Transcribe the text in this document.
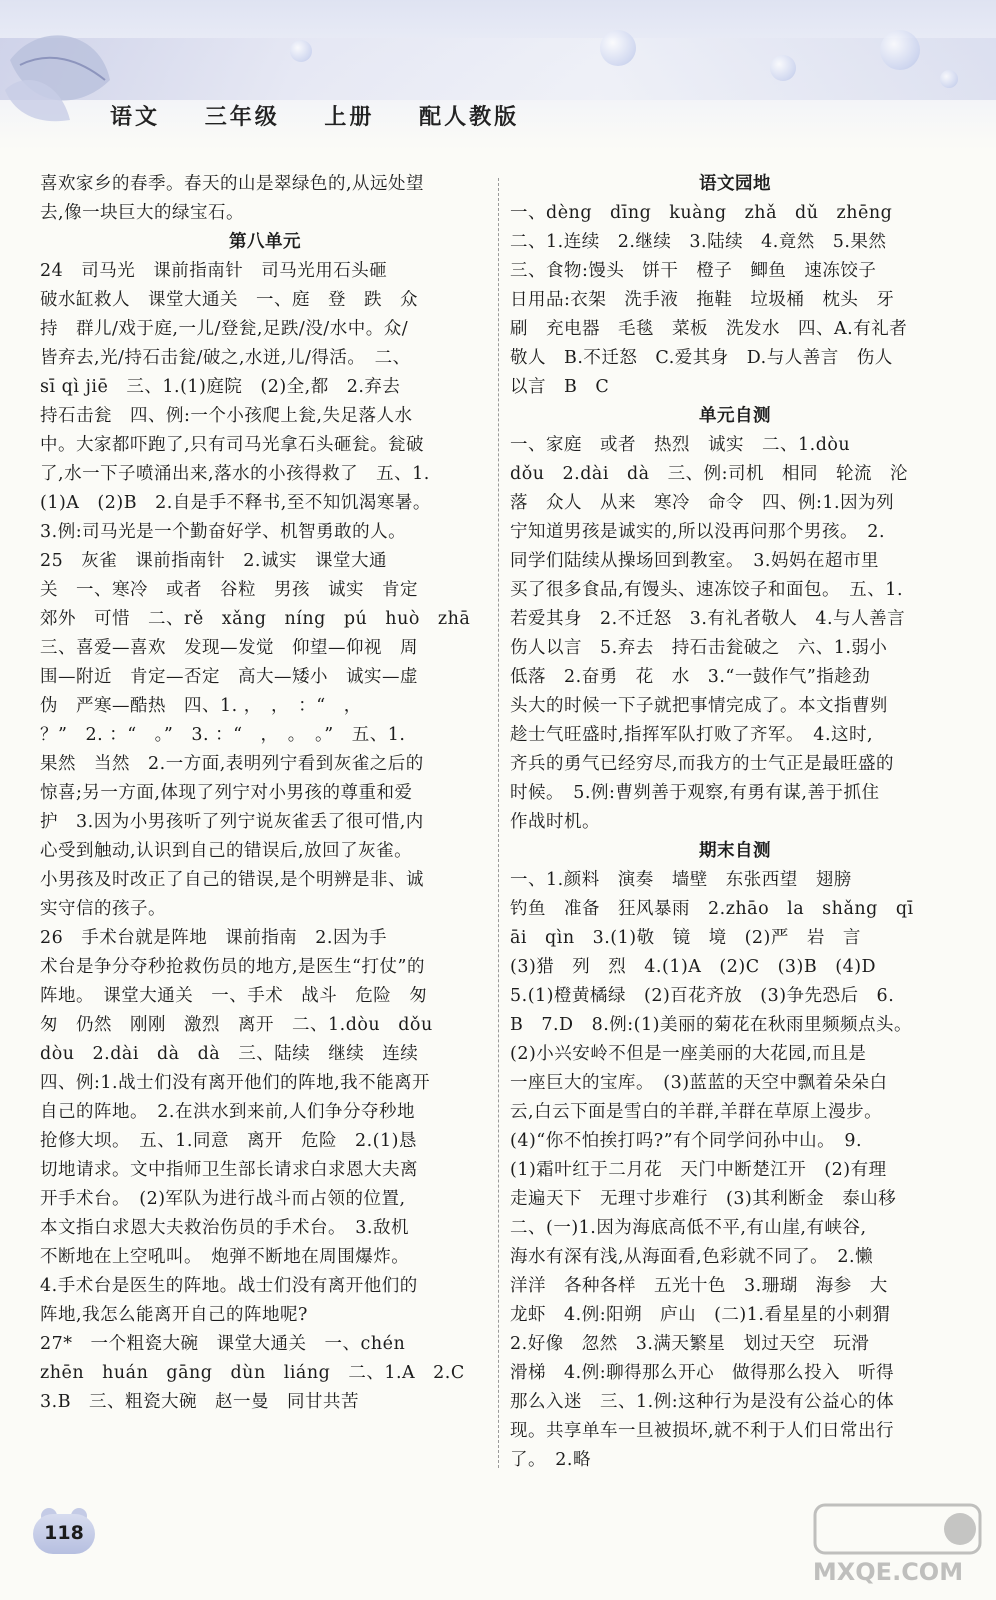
语文 三年级 上册 配人教版
喜欢家乡的春季。春天的山是翠绿色的,从远处望
去,像一块巨大的绿宝石。
第八单元
24　司马光　课前指南针　司马光用石头砸
破水缸救人　课堂大通关　一、庭　登　跌　众
持　群儿/戏于庭,一儿/登瓮,足跌/没/水中。众/
皆弃去,光/持石击瓮/破之,水迸,儿/得活。　二、
sī qì jiē　三、1.(1)庭院　(2)全,都　2.弃去
持石击瓮　四、例:一个小孩爬上瓮,失足落人水
中。大家都吓跑了,只有司马光拿石头砸瓮。瓮破
了,水一下子喷涌出来,落水的小孩得救了　五、1.
(1)A　(2)B　2.自是手不释书,至不知饥渴寒暑。
3.例:司马光是一个勤奋好学、机智勇敢的人。
25　灰雀　课前指南针　2.诚实　课堂大通
关　一、寒冷　或者　谷粒　男孩　诚实　肯定
郊外　可惜　二、rě　xǎng　níng　pú　huò　zhā
三、喜爱—喜欢　发现—发觉　仰望—仰视　周
围—附近　肯定—否定　高大—矮小　诚实—虚
伪　严寒—酷热　四、1. ，　，　：“　，
？”　2. ：“　。”　3. ：“　，　。　。”　五、1.
果然　当然　2.一方面,表明列宁看到灰雀之后的
惊喜;另一方面,体现了列宁对小男孩的尊重和爱
护　3.因为小男孩听了列宁说灰雀丢了很可惜,内
心受到触动,认识到自己的错误后,放回了灰雀。
小男孩及时改正了自己的错误,是个明辨是非、诚
实守信的孩子。
26　手术台就是阵地　课前指南　2.因为手
术台是争分夺秒抢救伤员的地方,是医生“打仗”的
阵地。　课堂大通关　一、手术　战斗　危险　匆
匆　仍然　刚刚　激烈　离开　二、1.dòu　dǒu
dòu　2.dài　dà　dà　三、陆续　继续　连续
四、例:1.战士们没有离开他们的阵地,我不能离开
自己的阵地。　2.在洪水到来前,人们争分夺秒地
抢修大坝。　五、1.同意　离开　危险　2.(1)恳
切地请求。文中指师卫生部长请求白求恩大夫离
开手术台。　(2)军队为进行战斗而占领的位置,
本文指白求恩大夫救治伤员的手术台。　3.敌机
不断地在上空吼叫。　炮弹不断地在周围爆炸。
4.手术台是医生的阵地。战士们没有离开他们的
阵地,我怎么能离开自己的阵地呢?
27*　一个粗瓷大碗　课堂大通关　一、chén
zhēn　huán　gāng　dùn　liáng　二、1.A　2.C
3.B　三、粗瓷大碗　赵一曼　同甘共苦
语文园地
一、dèng　dīng　kuàng　zhǎ　dǔ　zhēng
二、1.连续　2.继续　3.陆续　4.竟然　5.果然
三、食物:馒头　饼干　橙子　鲫鱼　速冻饺子
日用品:衣架　洗手液　拖鞋　垃圾桶　枕头　牙
刷　充电器　毛毯　菜板　洗发水　四、A.有礼者
敬人　B.不迁怒　C.爱其身　D.与人善言　伤人
以言　B　C
单元自测
一、家庭　或者　热烈　诚实　二、1.dòu
dǒu　2.dài　dà　三、例:司机　相同　轮流　沦
落　众人　从来　寒冷　命令　四、例:1.因为列
宁知道男孩是诚实的,所以没再问那个男孩。　2.
同学们陆续从操场回到教室。　3.妈妈在超市里
买了很多食品,有馒头、速冻饺子和面包。　五、1.
若爱其身　2.不迁怒　3.有礼者敬人　4.与人善言
伤人以言　5.弃去　持石击瓮破之　六、1.弱小
低落　2.奋勇　花　水　3.“一鼓作气”指趁劲
头大的时候一下子就把事情完成了。本文指曹刿
趁士气旺盛时,指挥军队打败了齐军。　4.这时,
齐兵的勇气已经穷尽,而我方的士气正是最旺盛的
时候。　5.例:曹刿善于观察,有勇有谋,善于抓住
作战时机。
期末自测
一、1.颜料　演奏　墙壁　东张西望　翅膀
钓鱼　准备　狂风暴雨　2.zhāo　la　shǎng　qī
āi　qìn　3.(1)敬　镜　境　(2)严　岩　言
(3)猎　列　烈　4.(1)A　(2)C　(3)B　(4)D
5.(1)橙黄橘绿　(2)百花齐放　(3)争先恐后　6.
B　7.D　8.例:(1)美丽的菊花在秋雨里频频点头。
(2)小兴安岭不但是一座美丽的大花园,而且是
一座巨大的宝库。　(3)蓝蓝的天空中飘着朵朵白
云,白云下面是雪白的羊群,羊群在草原上漫步。
(4)“你不怕挨打吗?”有个同学问孙中山。　9.
(1)霜叶红于二月花　天门中断楚江开　(2)有理
走遍天下　无理寸步难行　(3)其利断金　泰山移
二、(一)1.因为海底高低不平,有山崖,有峡谷,
海水有深有浅,从海面看,色彩就不同了。　2.懒
洋洋　各种各样　五光十色　3.珊瑚　海参　大
龙虾　4.例:阳朔　庐山　(二)1.看星星的小刺猬
2.好像　忽然　3.满天繁星　划过天空　玩滑
滑梯　4.例:聊得那么开心　做得那么投入　听得
那么入迷　三、1.例:这种行为是没有公益心的体
现。共享单车一旦被损坏,就不利于人们日常出行
了。　2.略
118
MXQE.COM
